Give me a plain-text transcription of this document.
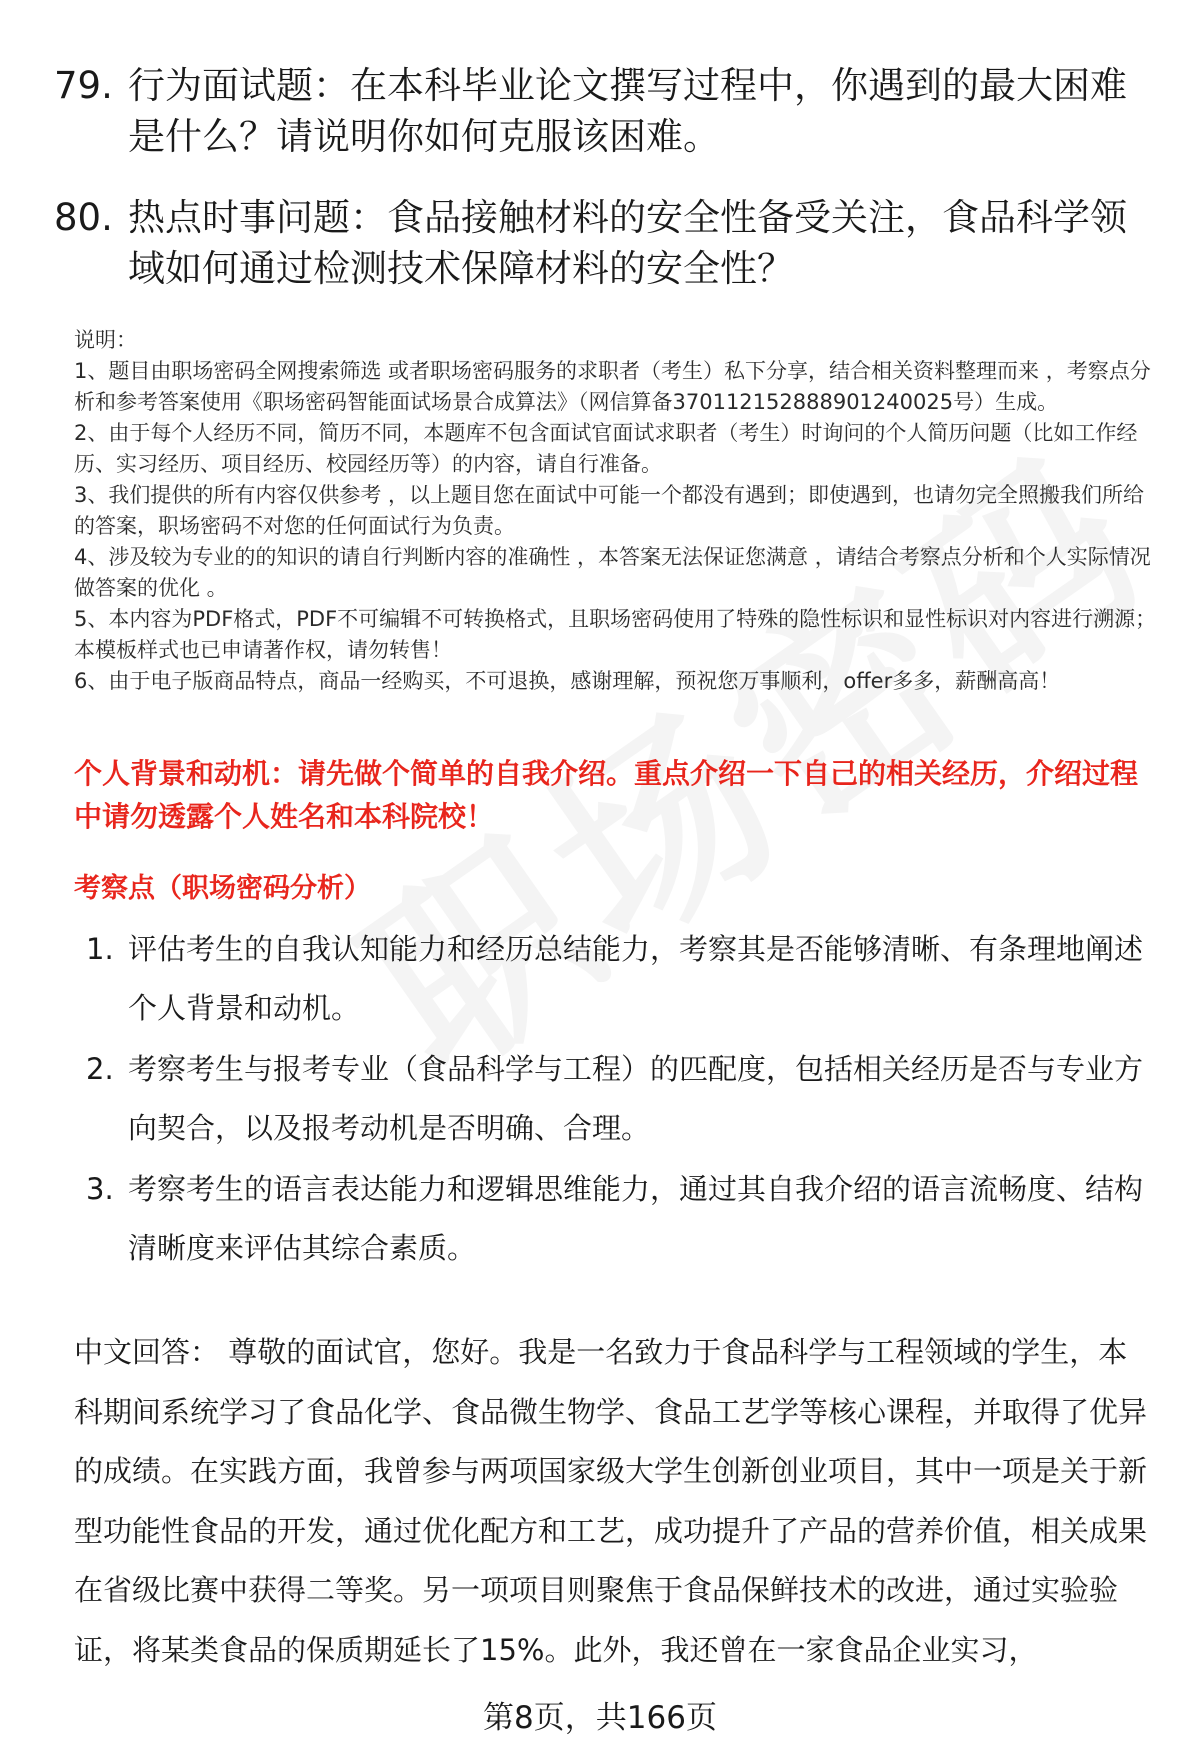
79. 行为面试题：在本科毕业论文撰写过程中，你遇到的最大困难是什么？请说明你如何克服该困难。
80. 热点时事问题：食品接触材料的安全性备受关注，食品科学领域如何通过检测技术保障材料的安全性？

说明：

1、题目由职场密码全网搜索筛选 或者职场密码服务的求职者（考生）私下分享，结合相关资料整理而来 ，考察点分析和参考答案使用《职场密码智能面试场景合成算法》（网信算备370112152888901240025号）生成。

2、由于每个人经历不同，简历不同，本题库不包含面试官面试求职者（考生）时询问的个人简历问题（比如工作经历、实习经历、项目经历、校园经历等）的内容，请自行准备。

3、我们提供的所有内容仅供参考 ，以上题目您在面试中可能一个都没有遇到；即使遇到，也请勿完全照搬我们所给的答案，职场密码不对您的任何面试行为负责。

4、涉及较为专业的的知识的请自行判断内容的准确性 ，本答案无法保证您满意 ，请结合考察点分析和个人实际情况做答案的优化 。

5、本内容为PDF格式，PDF不可编辑不可转换格式，且职场密码使用了特殊的隐性标识和显性标识对内容进行溯源；本模板样式也已申请著作权，请勿转售！

6、由于电子版商品特点，商品一经购买，不可退换，感谢理解，预祝您万事顺利，offer多多，薪酬高高！

个人背景和动机：请先做个简单的自我介绍。重点介绍一下自己的相关经历，介绍过程中请勿透露个人姓名和本科院校！
考察点（职场密码分析）
1. 评估考生的自我认知能力和经历总结能力，考察其是否能够清晰、有条理地阐述个人背景和动机。
2. 考察考生与报考专业（食品科学与工程）的匹配度，包括相关经历是否与专业方向契合，以及报考动机是否明确、合理。
3. 考察考生的语言表达能力和逻辑思维能力，通过其自我介绍的语言流畅度、结构清晰度来评估其综合素质。
中文回答： 尊敬的面试官，您好。我是一名致力于食品科学与工程领域的学生，本科期间系统学习了食品化学、食品微生物学、食品工艺学等核心课程，并取得了优异的成绩。在实践方面，我曾参与两项国家级大学生创新创业项目，其中一项是关于新型功能性食品的开发，通过优化配方和工艺，成功提升了产品的营养价值，相关成果在省级比赛中获得二等奖。另一项项目则聚焦于食品保鲜技术的改进，通过实验验证，将某类食品的保质期延长了15%。此外，我还曾在一家食品企业实习，
第8页，共166页
